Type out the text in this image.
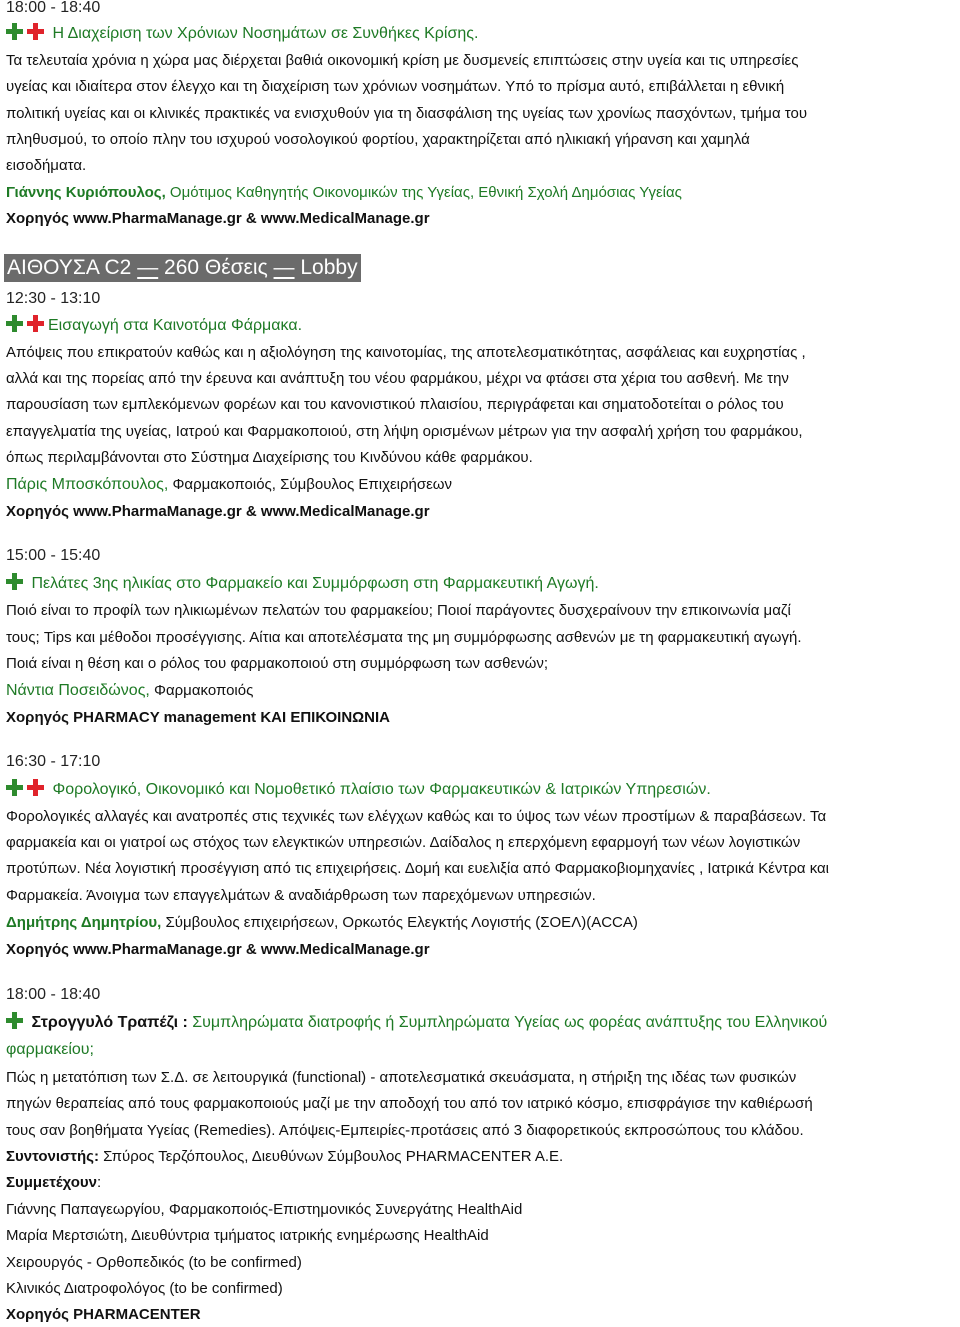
18:00 - 18:40
Η Διαχείριση των Χρόνιων Νοσημάτων σε Συνθήκες Κρίσης.
Τα τελευταία χρόνια η χώρα μας διέρχεται βαθιά οικονομική κρίση με δυσμενείς επιπτώσεις στην υγεία και τις υπηρεσίες
υγείας και ιδιαίτερα στον έλεγχο και τη διαχείριση των χρόνιων νοσημάτων. Υπό το πρίσμα αυτό, επιβάλλεται η εθνική
πολιτική υγείας και οι κλινικές πρακτικές να ενισχυθούν για τη διασφάλιση της υγείας των χρονίως πασχόντων, τμήμα του
πληθυσμού, το οποίο πλην του ισχυρού νοσολογικού φορτίου, χαρακτηρίζεται από ηλικιακή γήρανση και χαμηλά
εισοδήματα.
Γιάννης Κυριόπουλος, Ομότιμος Καθηγητής Οικονομικών της Υγείας, Εθνική Σχολή Δημόσιας Υγείας
Χορηγός www.PharmaManage.gr & www.MedicalManage.gr
ΑΙΘΟΥΣΑ C2 — 260 Θέσεις — Lobby
12:30 - 13:10
Εισαγωγή στα Καινοτόμα Φάρμακα.
Απόψεις που επικρατούν καθώς και η αξιολόγηση της καινοτομίας, της αποτελεσματικότητας, ασφάλειας και ευχρηστίας ,
αλλά και της πορείας από την έρευνα και ανάπτυξη του νέου φαρμάκου, μέχρι να φτάσει στα χέρια του ασθενή. Με την
παρουσίαση των εμπλεκόμενων φορέων και του κανονιστικού πλαισίου, περιγράφεται και σηματοδοτείται ο ρόλος του
επαγγελματία της υγείας, Ιατρού και Φαρμακοποιού, στη λήψη ορισμένων μέτρων για την ασφαλή χρήση του φαρμάκου,
όπως περιλαμβάνονται στο Σύστημα Διαχείρισης του Κινδύνου κάθε φαρμάκου.
Πάρις Μποσκόπουλος, Φαρμακοποιός, Σύμβουλος Επιχειρήσεων
Χορηγός www.PharmaManage.gr & www.MedicalManage.gr
15:00 - 15:40
Πελάτες 3ης ηλικίας στο Φαρμακείο και Συμμόρφωση στη Φαρμακευτική Αγωγή.
Ποιό είναι το προφίλ των ηλικιωμένων πελατών του φαρμακείου; Ποιοί παράγοντες δυσχεραίνουν την επικοινωνία μαζί
τους; Tips και μέθοδοι προσέγγισης. Αίτια και αποτελέσματα της μη συμμόρφωσης ασθενών με τη φαρμακευτική αγωγή.
Ποιά είναι η θέση και ο ρόλος του φαρμακοποιού στη συμμόρφωση των ασθενών;
Νάντια Ποσειδώνος, Φαρμακοποιός
Χορηγός PHARMACY management ΚΑΙ ΕΠΙΚΟΙΝΩΝΙΑ
16:30 - 17:10
Φορολογικό, Οικονομικό και Νομοθετικό πλαίσιο των Φαρμακευτικών & Ιατρικών Υπηρεσιών.
Φορολογικές αλλαγές και ανατροπές στις τεχνικές των ελέγχων καθώς και το ύψος των νέων προστίμων & παραβάσεων. Τα
φαρμακεία και οι γιατροί ως στόχος των ελεγκτικών υπηρεσιών. Δαίδαλος η επερχόμενη εφαρμογή των νέων λογιστικών
προτύπων. Νέα λογιστική προσέγγιση από τις επιχειρήσεις. Δομή και ευελιξία από Φαρμακοβιομηχανίες , Ιατρικά Κέντρα και
Φαρμακεία. Άνοιγμα των επαγγελμάτων & αναδιάρθρωση των παρεχόμενων υπηρεσιών.
Δημήτρης Δημητρίου, Σύμβουλος επιχειρήσεων, Ορκωτός Ελεγκτής Λογιστής (ΣΟΕΛ)(ACCA)
Χορηγός www.PharmaManage.gr & www.MedicalManage.gr
18:00 - 18:40
Στρογγυλό Τραπέζι : Συμπληρώματα διατροφής ή Συμπληρώματα Υγείας ως φορέας ανάπτυξης του Ελληνικού
φαρμακείου;
Πώς η μετατόπιση των Σ.Δ. σε λειτουργικά (functional) - αποτελεσματικά σκευάσματα, η στήριξη της ιδέας των φυσικών
πηγών θεραπείας από τους φαρμακοποιούς μαζί με την αποδοχή του από τον ιατρικό κόσμο, επισφράγισε την καθιέρωσή
τους σαν βοηθήματα Υγείας (Remedies). Απόψεις-Εμπειρίες-προτάσεις από 3 διαφορετικούς εκπροσώπους του κλάδου.
Συντονιστής: Σπύρος Τερζόπουλος, Διευθύνων Σύμβουλος PHARMACENTER A.E.
Συμμετέχουν:
Γιάννης Παπαγεωργίου, Φαρμακοποιός-Επιστημονικός Συνεργάτης HealthAid
Μαρία Μερτσιώτη, Διευθύντρια τμήματος ιατρικής ενημέρωσης HealthAid
Χειρουργός - Ορθοπεδικός (to be confirmed)
Κλινικός Διατροφολόγος (to be confirmed)
Χορηγός PHARMACENTER
